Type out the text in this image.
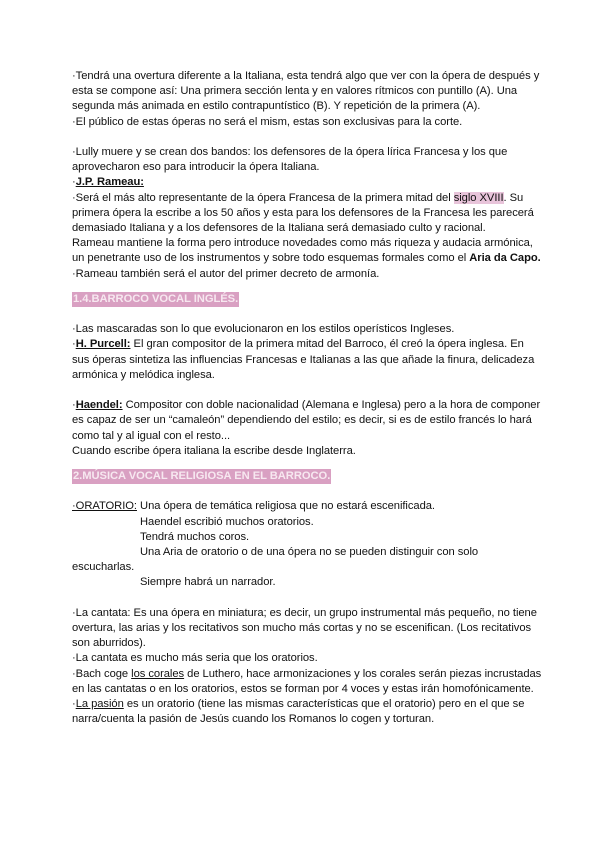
·Tendrá una overtura diferente a la Italiana, esta tendrá algo que ver con la ópera de después y esta se compone así: Una primera sección lenta y en valores rítmicos con puntillo (A). Una segunda más animada en estilo contrapuntístico (B). Y repetición de la primera (A).

·El público de estas óperas no será el mism, estas son exclusivas para la corte.

·Lully muere y se crean dos bandos: los defensores de la ópera lírica Francesa y los que aprovecharon eso para introducir la ópera Italiana.

·J.P. Rameau:

·Será el más alto representante de la ópera Francesa de la primera mitad del siglo XVIII. Su primera ópera la escribe a los 50 años y esta para los defensores de la Francesa les parecerá demasiado Italiana y a los defensores de la Italiana será demasiado culto y racional.

Rameau mantiene la forma pero introduce novedades como más riqueza y audacia armónica, un penetrante uso de los instrumentos y sobre todo esquemas formales como el Aria da Capo.

·Rameau también será el autor del primer decreto de armonía.

1.4.BARROCO VOCAL INGLÉS.

·Las mascaradas son lo que evolucionaron en los estilos operísticos Ingleses.

·H. Purcell: El gran compositor de la primera mitad del Barroco, él creó la ópera inglesa. En sus óperas sintetiza las influencias Francesas e Italianas a las que añade la finura, delicadeza armónica y melódica inglesa.

·Haendel: Compositor con doble nacionalidad (Alemana e Inglesa) pero a la hora de componer es capaz de ser un “camaleón” dependiendo del estilo; es decir, si es de estilo francés lo hará como tal y al igual con el resto...

Cuando escribe ópera italiana la escribe desde Inglaterra.

2.MÚSICA VOCAL RELIGIOSA EN EL BARROCO.

·ORATORIO: Una ópera de temática religiosa que no estará escenificada.

Haendel escribió muchos oratorios.

Tendrá muchos coros.

Una Aria de oratorio o de una ópera no se pueden distinguir con solo

escucharlas.

Siempre habrá un narrador.

·La cantata: Es una ópera en miniatura; es decir, un grupo instrumental más pequeño, no tiene overtura, las arias y los recitativos son mucho más cortas y no se escenifican. (Los recitativos son aburridos).

·La cantata es mucho más seria que los oratorios.

·Bach coge los corales de Luthero, hace armonizaciones y los corales serán piezas incrustadas en las cantatas o en los oratorios, estos se forman por 4 voces y estas irán homofónicamente.

·La pasión es un oratorio (tiene las mismas características que el oratorio) pero en el que se narra/cuenta la pasión de Jesús cuando los Romanos lo cogen y torturan.
